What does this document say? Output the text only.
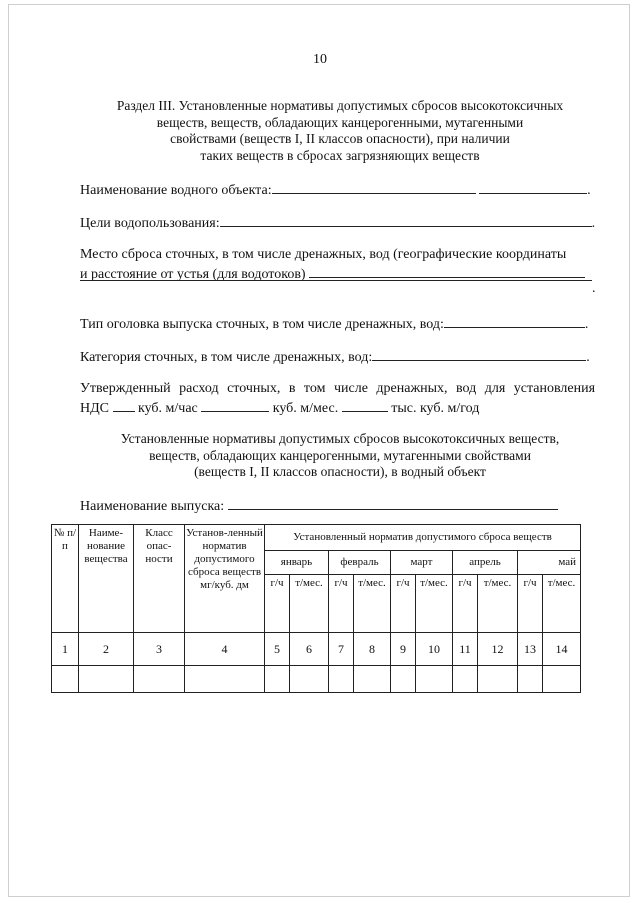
10
Раздел III. Установленные нормативы допустимых сбросов высокотоксичных
веществ, веществ, обладающих канцерогенными, мутагенными
свойствами (веществ I, II классов опасности), при наличии
таких веществ в сбросах загрязняющих веществ
Наименование водного объекта:	.
Цели водопользования:	.
Место сброса сточных, в том числе дренажных, вод (географические координаты
и расстояние от устья (для водотоков)
.
Тип оголовка выпуска сточных, в том числе дренажных, вод:	.
Категория сточных, в том числе дренажных, вод:	.
Утвержденный расход сточных, в том числе дренажных, вод для установления
НДС куб. м/час	куб. м/мес.	тыс. куб. м/год
Установленные нормативы допустимых сбросов высокотоксичных веществ,
веществ, обладающих канцерогенными, мутагенными свойствами
(веществ I, II классов опасности), в водный объект
Наименование выпуска:
№ п/п	Наиме-нование вещества	Класс опас-ности	Установ-ленный норматив допустимого сброса веществ мг/куб. дм	Установленный норматив допустимого сброса веществ									
				январь		февраль		март		апрель		май	
				г/ч	т/мес.	г/ч	т/мес.	г/ч	т/мес.	г/ч	т/мес.	г/ч	т/мес.
1	2	3	4	5	6	7	8	9	10	11	12	13	14
